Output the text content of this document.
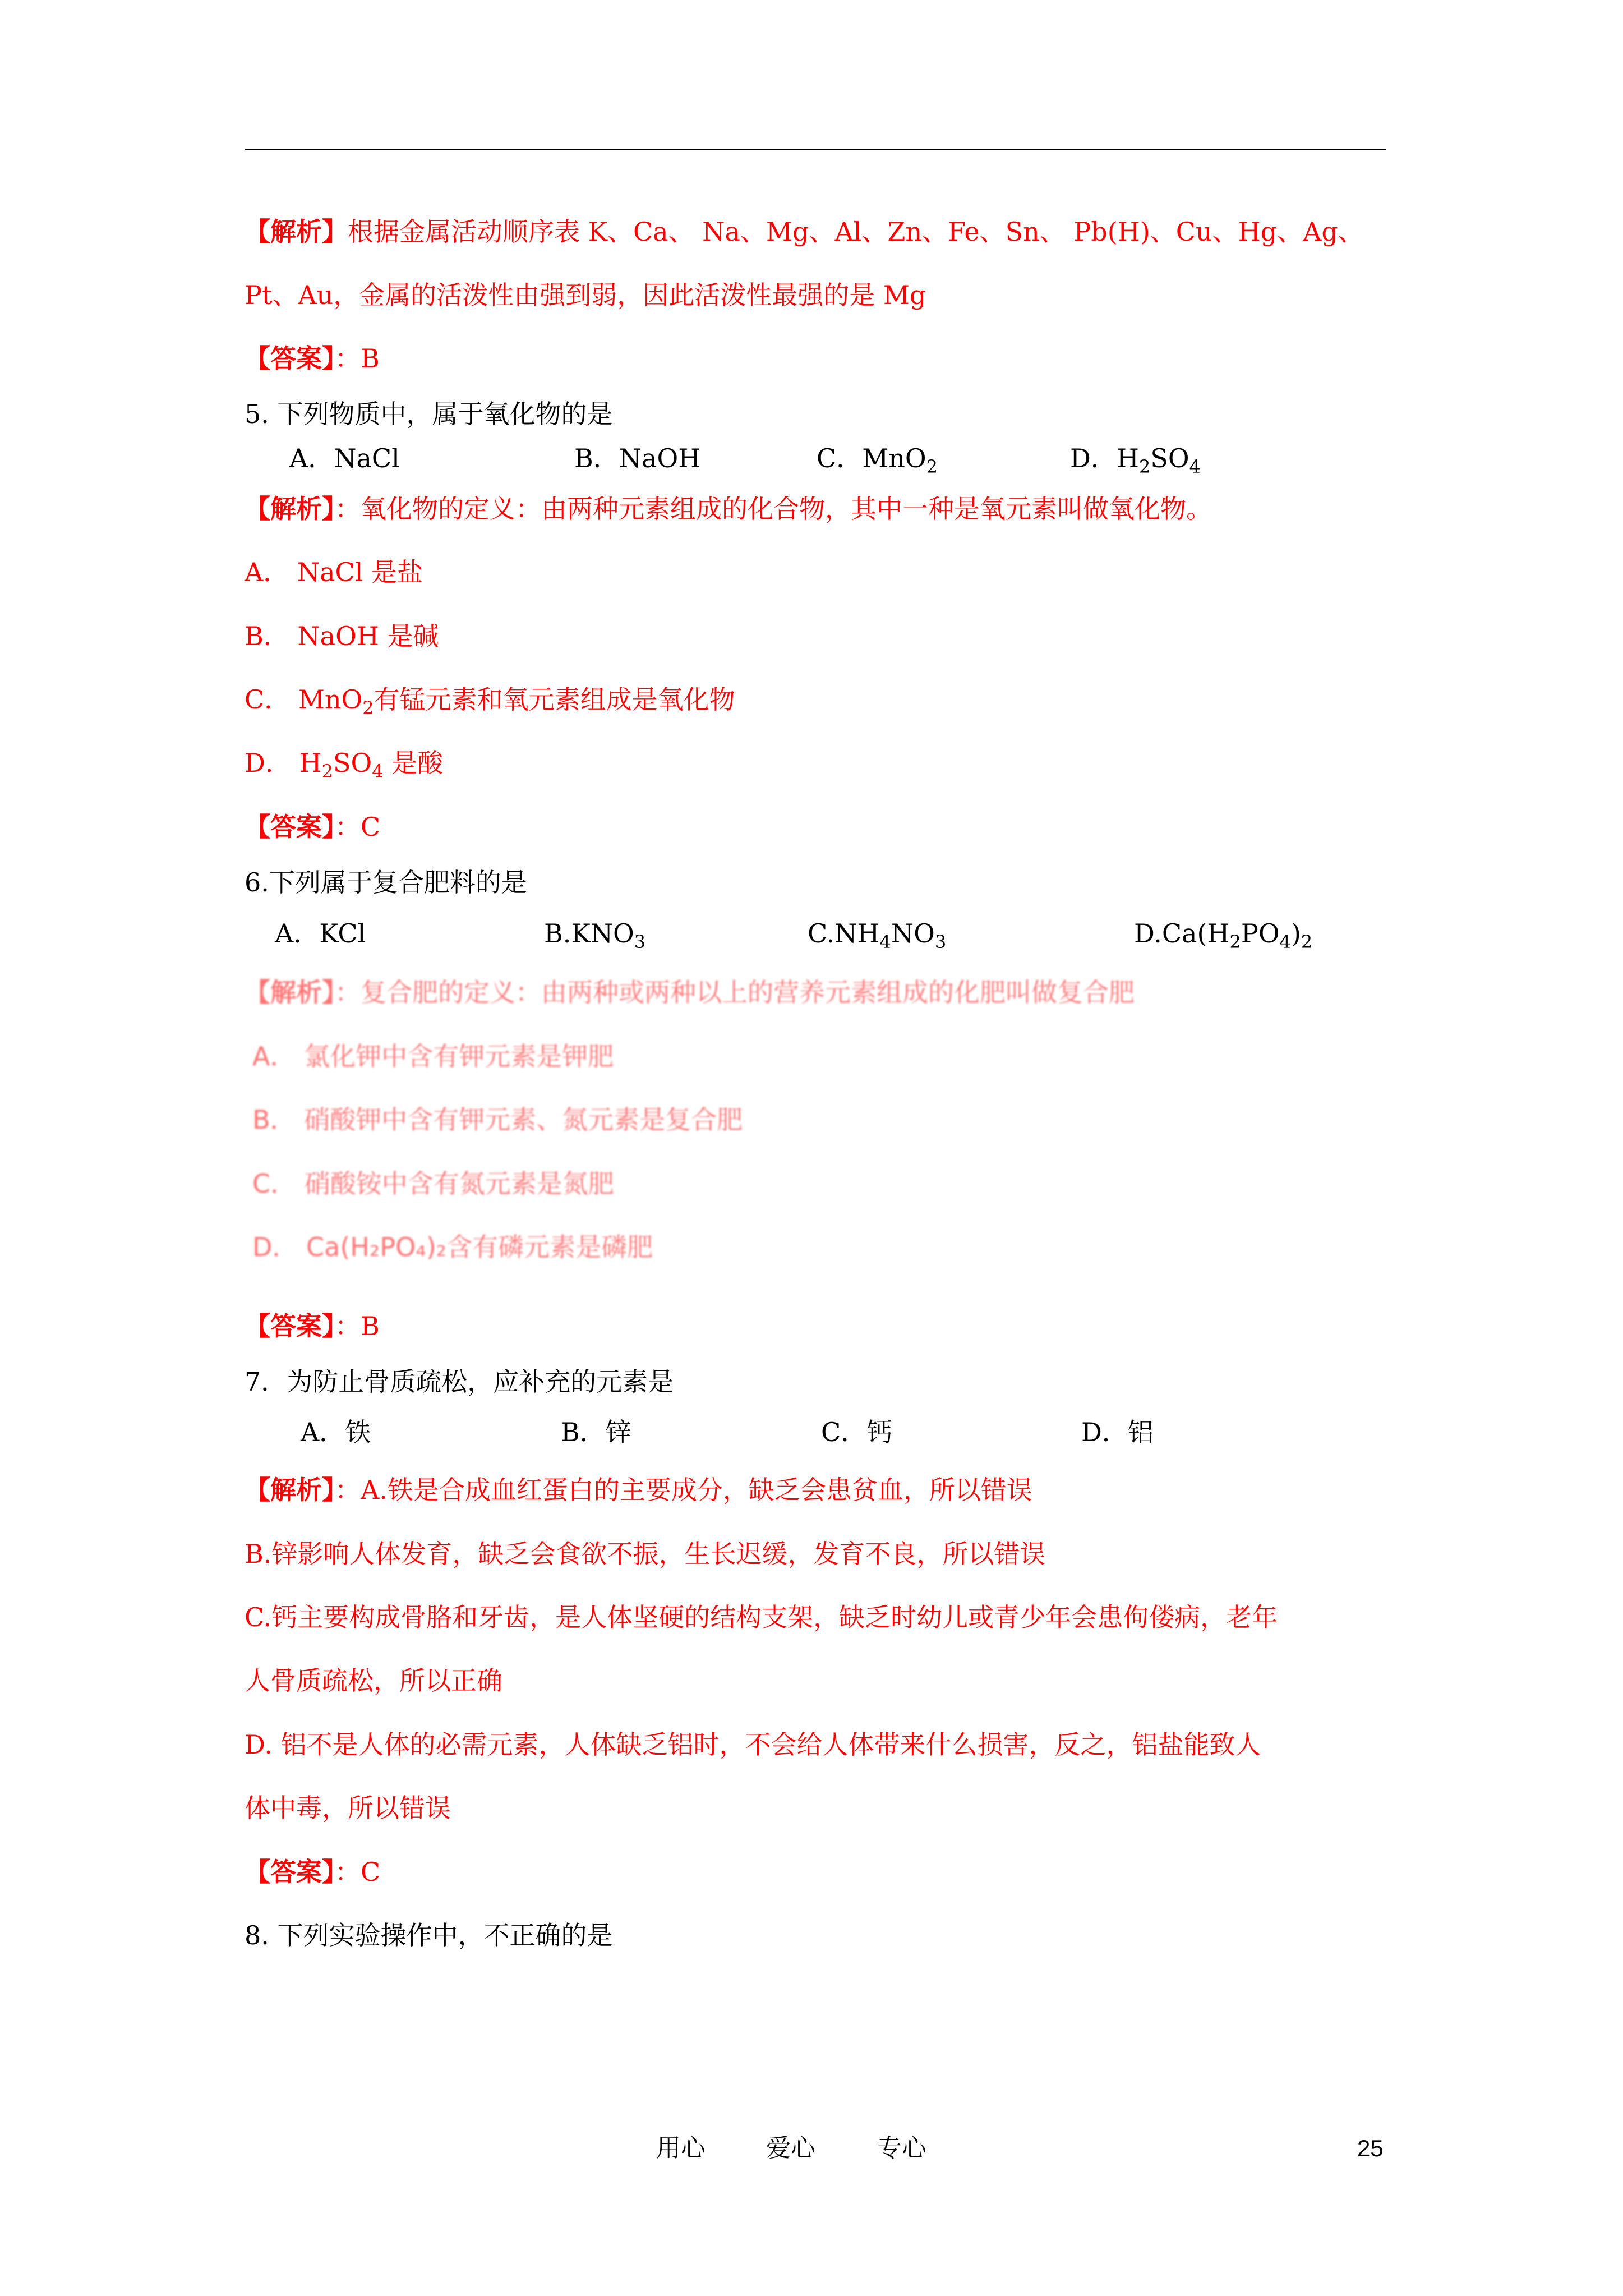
【解析】根据金属活动顺序表 K、Ca、 Na、Mg、Al、Zn、Fe、Sn、 Pb(H)、Cu、Hg、Ag、
Pt、Au，金属的活泼性由强到弱，因此活泼性最强的是 Mg
【答案】：B
5. 下列物质中，属于氧化物的是
A．NaCl	B．NaOH	C．MnO$_2$	D．$H_2SO_4$
【解析】：氧化物的定义：由两种元素组成的化合物，其中一种是氧元素叫做氧化物。
A． NaCl 是盐
B． NaOH 是碱
C． MnO$_2$有锰元素和氧元素组成是氧化物
D． $H_2SO_4$ 是酸
【答案】：C
6.下列属于复合肥料的是
A．KCl	$B.KNO_3$	$C.NH_4NO_3$	$D.Ca(H_2PO_4)_2$
【解析】：复合肥的定义：由两种或两种以上的营养元素组成的化肥叫做复合肥
A． 氯化钾中含有钾元素是钾肥
B． 硝酸钾中含有钾元素、氮元素是复合肥
C． 硝酸铵中含有氮元素是氮肥
D． Ca(H₂PO₄)₂含有磷元素是磷肥
【答案】：B
7．为防止骨质疏松，应补充的元素是
A．铁	B．锌	C．钙	D．铝
【解析】：A.铁是合成血红蛋白的主要成分，缺乏会患贫血，所以错误
B.锌影响人体发育，缺乏会食欲不振，生长迟缓，发育不良，所以错误
C.钙主要构成骨胳和牙齿，是人体坚硬的结构支架，缺乏时幼儿或青少年会患佝偻病，老年
人骨质疏松，所以正确
D. 铝不是人体的必需元素，人体缺乏铝时，不会给人体带来什么损害，反之，铝盐能致人
体中毒，所以错误
【答案】：C
8. 下列实验操作中，不正确的是
用心 爱心	专心	25
